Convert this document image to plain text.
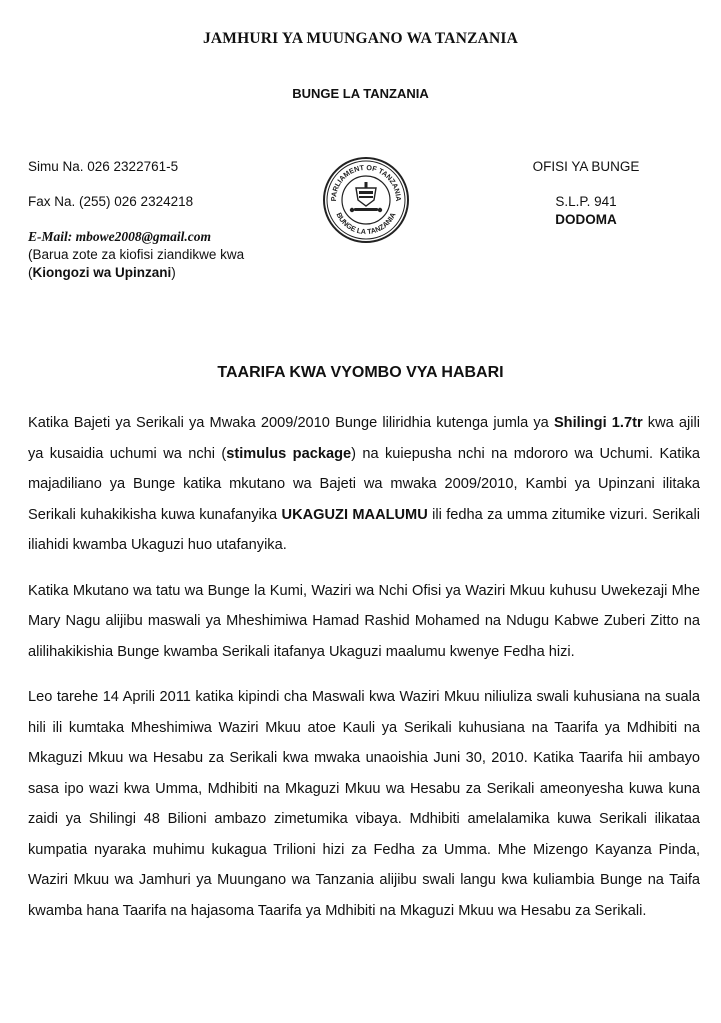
JAMHURI YA MUUNGANO WA TANZANIA
BUNGE LA TANZANIA
Simu Na. 026 2322761-5
Fax Na. (255) 026 2324218
E-Mail: mbowe2008@gmail.com
(Barua zote za kiofisi ziandikwe kwa
(Kiongozi wa Upinzani)
PARLIAMENT OF TANZANIA
BUNGE LA TANZANIA
OFISI YA BUNGE
S.L.P. 941
DODOMA
TAARIFA KWA VYOMBO VYA HABARI

Katika Bajeti ya Serikali ya Mwaka 2009/2010 Bunge liliridhia kutenga jumla ya Shilingi 1.7tr kwa ajili ya kusaidia uchumi wa nchi (stimulus package) na kuiepusha nchi na mdororo wa Uchumi. Katika majadiliano ya Bunge katika mkutano wa Bajeti wa mwaka 2009/2010, Kambi ya Upinzani ilitaka Serikali kuhakikisha kuwa kunafanyika UKAGUZI MAALUMU ili fedha za umma zitumike vizuri. Serikali iliahidi kwamba Ukaguzi huo utafanyika.

Katika Mkutano wa tatu wa Bunge la Kumi, Waziri wa Nchi Ofisi ya Waziri Mkuu kuhusu Uwekezaji Mhe Mary Nagu alijibu maswali ya Mheshimiwa Hamad Rashid Mohamed na Ndugu Kabwe Zuberi Zitto na alilihakikishia Bunge kwamba Serikali itafanya Ukaguzi maalumu kwenye Fedha hizi.

Leo tarehe 14 Aprili 2011 katika kipindi cha Maswali kwa Waziri Mkuu niliuliza swali kuhusiana na suala hili ili kumtaka Mheshimiwa Waziri Mkuu atoe Kauli ya Serikali kuhusiana na Taarifa ya Mdhibiti na Mkaguzi Mkuu wa Hesabu za Serikali kwa mwaka unaoishia Juni 30, 2010. Katika Taarifa hii ambayo sasa ipo wazi kwa Umma, Mdhibiti na Mkaguzi Mkuu wa Hesabu za Serikali ameonyesha kuwa kuna zaidi ya Shilingi 48 Bilioni ambazo zimetumika vibaya. Mdhibiti amelalamika kuwa Serikali ilikataa kumpatia nyaraka muhimu kukagua Trilioni hizi za Fedha za Umma. Mhe Mizengo Kayanza Pinda, Waziri Mkuu wa Jamhuri ya Muungano wa Tanzania alijibu swali langu kwa kuliambia Bunge na Taifa kwamba hana Taarifa na hajasoma Taarifa ya Mdhibiti na Mkaguzi Mkuu wa Hesabu za Serikali.
